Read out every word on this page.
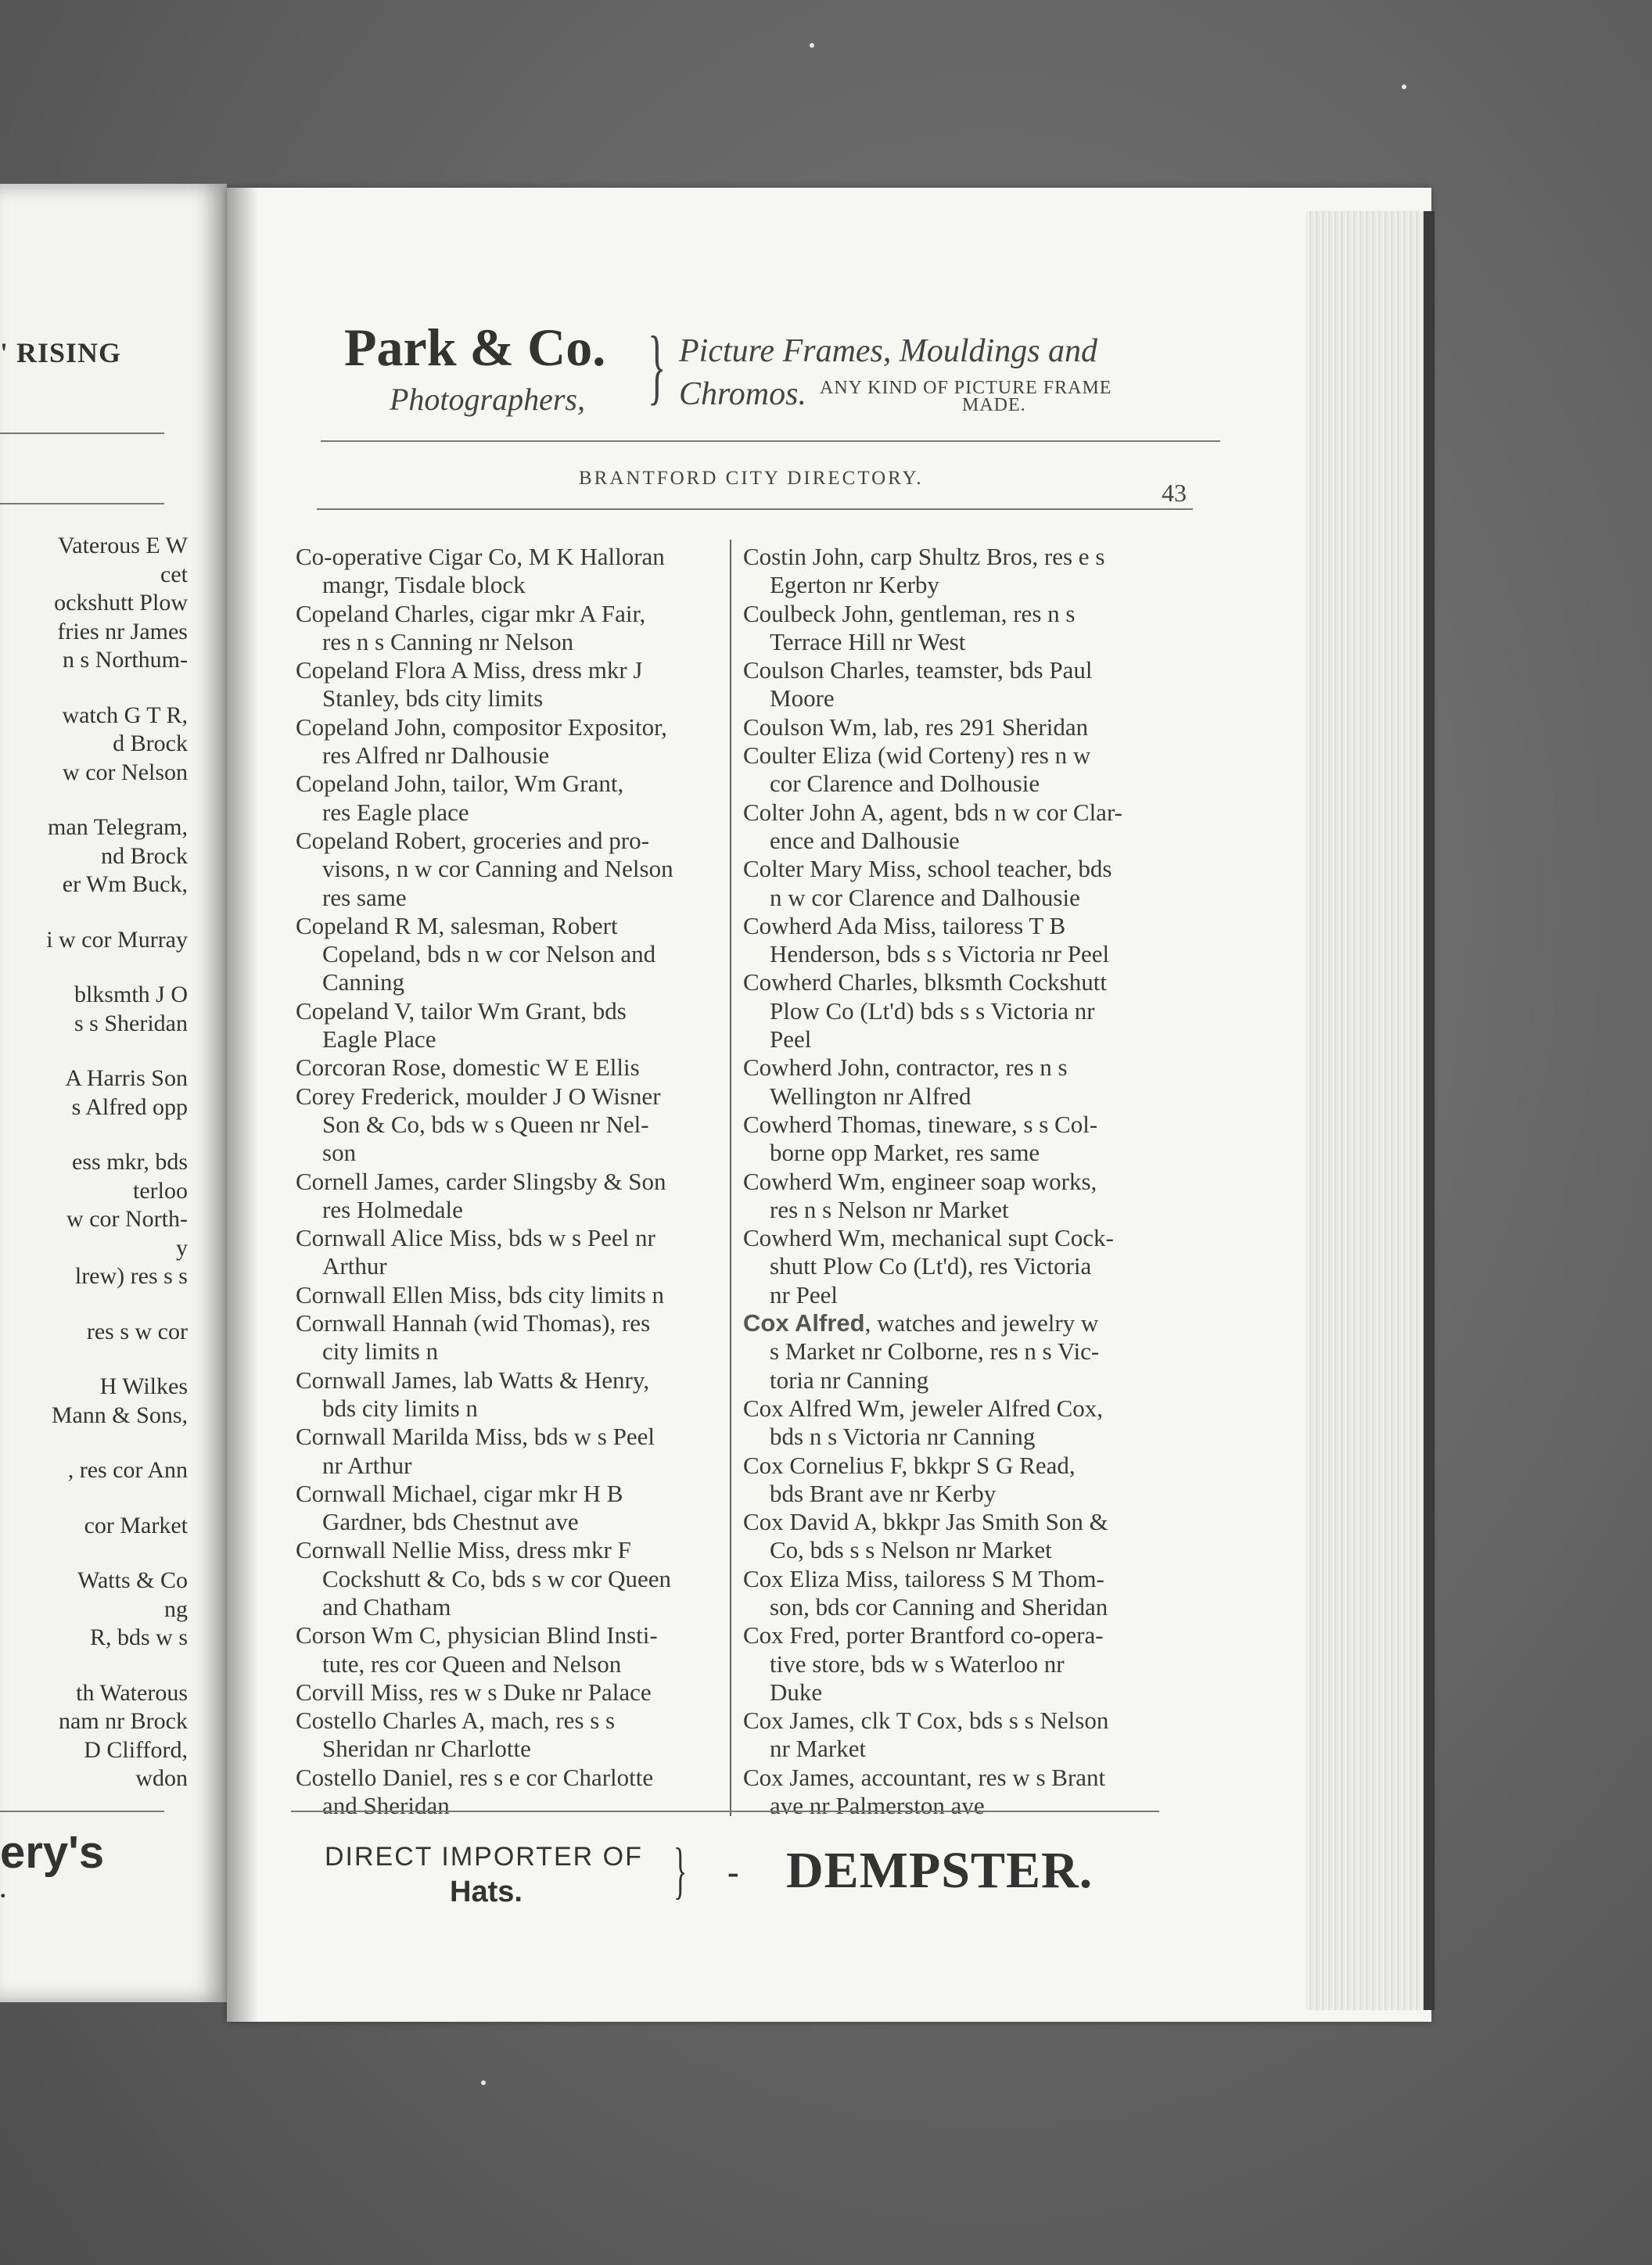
' RISING
Vaterous E W
cet
ockshutt Plow
fries nr James
n s Northum-
watch G T R,
d Brock
w cor Nelson
man Telegram,
nd Brock
er Wm Buck,
i w cor Murray
blksmth J O
s s Sheridan
A Harris Son
s Alfred opp
ess mkr, bds
terloo
w cor North-
y
lrew) res s s
res s w cor
H Wilkes
Mann & Sons,
, res cor Ann
cor Market
Watts & Co
ng
R, bds w s
th Waterous
nam nr Brock
D Clifford,
wdon
ery's
.
Park & Co.
Photographers, } Picture Frames, Mouldings and
Chromos. ANY KIND OF PICTURE FRAME
MADE.
BRANTFORD CITY DIRECTORY.
43
Co-operative Cigar Co, M K Halloran
mangr, Tisdale block
Copeland Charles, cigar mkr A Fair,
res n s Canning nr Nelson
Copeland Flora A Miss, dress mkr J
Stanley, bds city limits
Copeland John, compositor Expositor,
res Alfred nr Dalhousie
Copeland John, tailor, Wm Grant,
res Eagle place
Copeland Robert, groceries and pro-
visons, n w cor Canning and Nelson
res same
Copeland R M, salesman, Robert
Copeland, bds n w cor Nelson and
Canning
Copeland V, tailor Wm Grant, bds
Eagle Place
Corcoran Rose, domestic W E Ellis
Corey Frederick, moulder J O Wisner
Son & Co, bds w s Queen nr Nel-
son
Cornell James, carder Slingsby & Son
res Holmedale
Cornwall Alice Miss, bds w s Peel nr
Arthur
Cornwall Ellen Miss, bds city limits n
Cornwall Hannah (wid Thomas), res
city limits n
Cornwall James, lab Watts & Henry,
bds city limits n
Cornwall Marilda Miss, bds w s Peel
nr Arthur
Cornwall Michael, cigar mkr H B
Gardner, bds Chestnut ave
Cornwall Nellie Miss, dress mkr F
Cockshutt & Co, bds s w cor Queen
and Chatham
Corson Wm C, physician Blind Insti-
tute, res cor Queen and Nelson
Corvill Miss, res w s Duke nr Palace
Costello Charles A, mach, res s s
Sheridan nr Charlotte
Costello Daniel, res s e cor Charlotte
and Sheridan
Costin John, carp Shultz Bros, res e s
Egerton nr Kerby
Coulbeck John, gentleman, res n s
Terrace Hill nr West
Coulson Charles, teamster, bds Paul
Moore
Coulson Wm, lab, res 291 Sheridan
Coulter Eliza (wid Corteny) res n w
cor Clarence and Dolhousie
Colter John A, agent, bds n w cor Clar-
ence and Dalhousie
Colter Mary Miss, school teacher, bds
n w cor Clarence and Dalhousie
Cowherd Ada Miss, tailoress T B
Henderson, bds s s Victoria nr Peel
Cowherd Charles, blksmth Cockshutt
Plow Co (Lt'd) bds s s Victoria nr
Peel
Cowherd John, contractor, res n s
Wellington nr Alfred
Cowherd Thomas, tineware, s s Col-
borne opp Market, res same
Cowherd Wm, engineer soap works,
res n s Nelson nr Market
Cowherd Wm, mechanical supt Cock-
shutt Plow Co (Lt'd), res Victoria
nr Peel
Cox Alfred, watches and jewelry w
s Market nr Colborne, res n s Vic-
toria nr Canning
Cox Alfred Wm, jeweler Alfred Cox,
bds n s Victoria nr Canning
Cox Cornelius F, bkkpr S G Read,
bds Brant ave nr Kerby
Cox David A, bkkpr Jas Smith Son &
Co, bds s s Nelson nr Market
Cox Eliza Miss, tailoress S M Thom-
son, bds cor Canning and Sheridan
Cox Fred, porter Brantford co-opera-
tive store, bds w s Waterloo nr
Duke
Cox James, clk T Cox, bds s s Nelson
nr Market
Cox James, accountant, res w s Brant
ave nr Palmerston ave
DIRECT IMPORTER OF
Hats. } - DEMPSTER.
